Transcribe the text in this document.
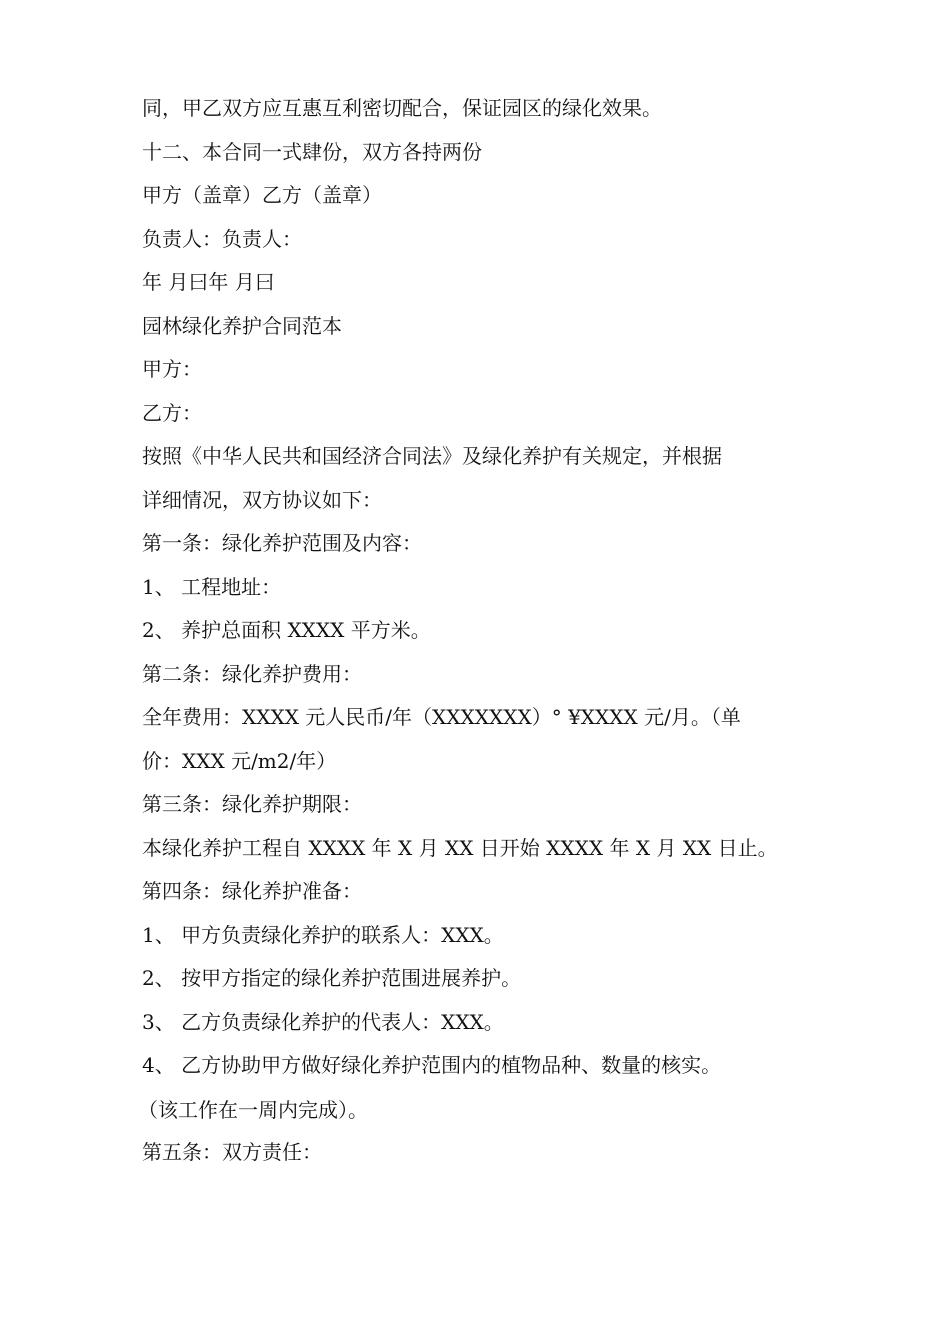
同，甲乙双方应互惠互利密切配合，保证园区的绿化效果。
十二、本合同一式肆份，双方各持两份
甲方（盖章）乙方（盖章）
负责人：负责人：
年 月曰年 月曰
园林绿化养护合同范本
甲方：
乙方：
按照《中华人民共和国经济合同法》及绿化养护有关规定，并根据
详细情况，双方协议如下：
第一条：绿化养护范围及内容：
1、 工程地址：
2、 养护总面积 XXXX 平方米。
第二条：绿化养护费用：
全年费用：XXXX 元人民币/年（XXXXXXX）° ¥XXXX 元/月。（单
价：XXX 元/m2/年）
第三条：绿化养护期限：
本绿化养护工程自 XXXX 年 X 月 XX 日开始 XXXX 年 X 月 XX 日止。
第四条：绿化养护准备：
1、 甲方负责绿化养护的联系人：XXX。
2、 按甲方指定的绿化养护范围进展养护。
3、 乙方负责绿化养护的代表人：XXX。
4、 乙方协助甲方做好绿化养护范围内的植物品种、数量的核实。
（该工作在一周内完成）。
第五条：双方责任：
